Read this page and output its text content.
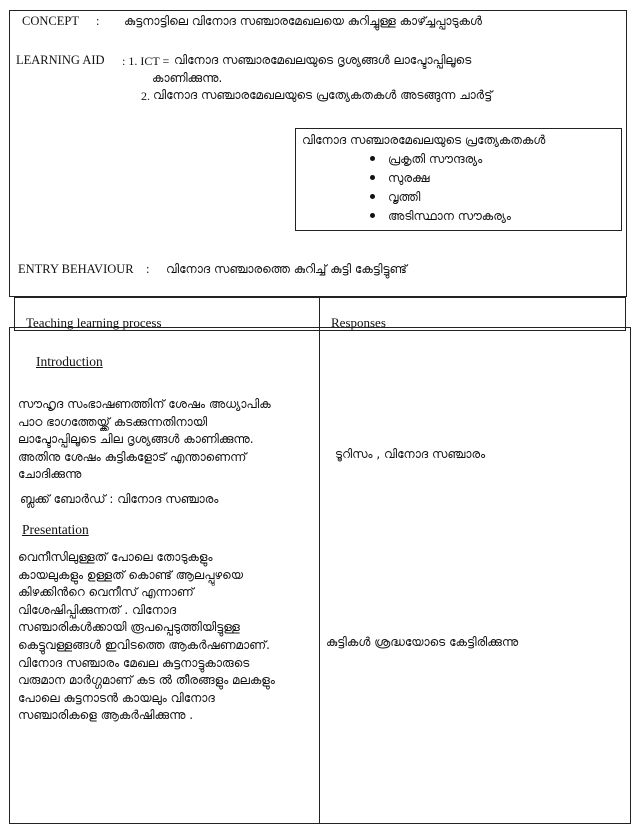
CONCEPT : കുട്ടനാട്ടിലെ വിനോദ സഞ്ചാരമേഖലയെ കുറിച്ചുള്ള കാഴ്ച്ചപ്പാടുകൾ
LEARNING AID : 1. ICT = വിനോദ സഞ്ചാരമേഖലയുടെ ദൃശ്യങ്ങൾ ലാപ്ടോപ്പിലൂടെ
കാണിക്കുന്നു.
2. വിനോദ സഞ്ചാരമേഖലയുടെ പ്രത്യേകതകൾ അടങ്ങുന്ന ചാർട്ട്
വിനോദ സഞ്ചാരമേഖലയുടെ പ്രത്യേകതകൾ
പ്രകൃതി സൗന്ദര്യം
സുരക്ഷ
വൃത്തി
അടിസ്ഥാന സൗകര്യം
ENTRY BEHAVIOUR : വിനോദ സഞ്ചാരത്തെ കുറിച്ച് കുട്ടി കേട്ടിട്ടുണ്ട്
Teaching learning process	Responses
Introduction
സൗഹൃദ സംഭാഷണത്തിന് ശേഷം അധ്യാപിക
പാഠ ഭാഗത്തേയ്ക്ക് കടക്കുന്നതിനായി
ലാപ്ടോപ്പിലൂടെ ചില ദൃശ്യങ്ങൾ കാണിക്കുന്നു.
അതിനു ശേഷം കുട്ടികളോട് എന്താണെന്ന്
ചോദിക്കുന്നു
ടൂറിസം , വിനോദ സഞ്ചാരം
ബ്ലക്ക് ബോർഡ് : വിനോദ സഞ്ചാരം
Presentation
വെനീസിലുള്ളത് പോലെ തോടുകളും
കായലുകളും ഉള്ളത് കൊണ്ട് ആലപ്പുഴയെ
കിഴക്കിൻറെ വെനീസ് എന്നാണ്
വിശേഷിപ്പിക്കുന്നത് . വിനോദ
സഞ്ചാരികൾക്കായി രൂപപ്പെടുത്തിയിട്ടുള്ള
കെട്ടുവള്ളങ്ങൾ ഇവിടത്തെ ആകർഷണമാണ്.
വിനോദ സഞ്ചാരം മേഖല കുട്ടനാട്ടുകാരുടെ
വരുമാന മാർഗ്ഗമാണ് കട ൽ തീരങ്ങളും മലകളും
പോലെ കുട്ടനാടൻ കായലും വിനോദ
സഞ്ചാരികളെ ആകർഷിക്കുന്നു .
കുട്ടികൾ ശ്രദ്ധയോടെ കേട്ടിരിക്കുന്നു
